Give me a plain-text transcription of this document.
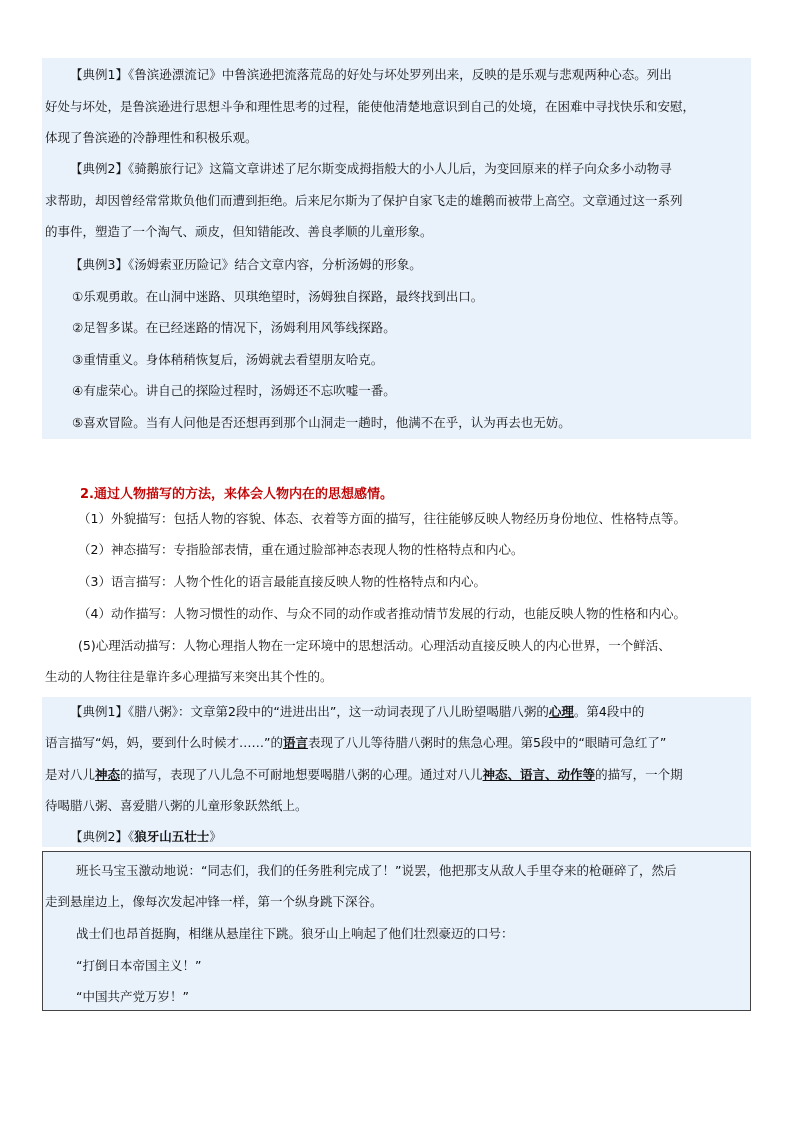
【典例1】《鲁滨逊漂流记》中鲁滨逊把流落荒岛的好处与坏处罗列出来，反映的是乐观与悲观两种心态。列出
好处与坏处，是鲁滨逊进行思想斗争和理性思考的过程，能使他清楚地意识到自己的处境，在困难中寻找快乐和安慰，
体现了鲁滨逊的冷静理性和积极乐观。
【典例2】《骑鹅旅行记》这篇文章讲述了尼尔斯变成拇指般大的小人儿后，为变回原来的样子向众多小动物寻
求帮助，却因曾经常常欺负他们而遭到拒绝。后来尼尔斯为了保护自家飞走的雄鹅而被带上高空。文章通过这一系列
的事件，塑造了一个淘气、顽皮，但知错能改、善良孝顺的儿童形象。
【典例3】《汤姆索亚历险记》结合文章内容，分析汤姆的形象。
①乐观勇敢。在山洞中迷路、贝琪绝望时，汤姆独自探路，最终找到出口。
②足智多谋。在已经迷路的情况下，汤姆利用风筝线探路。
③重情重义。身体稍稍恢复后，汤姆就去看望朋友哈克。
④有虚荣心。讲自己的探险过程时，汤姆还不忘吹嘘一番。
⑤喜欢冒险。当有人问他是否还想再到那个山洞走一趟时，他满不在乎，认为再去也无妨。
2.通过人物描写的方法，来体会人物内在的思想感情。
（1）外貌描写：包括人物的容貌、体态、衣着等方面的描写，往往能够反映人物经历身份地位、性格特点等。
（2）神态描写：专指脸部表情，重在通过脸部神态表现人物的性格特点和内心。
（3）语言描写：人物个性化的语言最能直接反映人物的性格特点和内心。
（4）动作描写：人物习惯性的动作、与众不同的动作或者推动情节发展的行动，也能反映人物的性格和内心。
(5)心理活动描写：人物心理指人物在一定环境中的思想活动。心理活动直接反映人的内心世界，一个鲜活、
生动的人物往往是靠许多心理描写来突出其个性的。
【典例1】《腊八粥》：文章第2段中的“进进出出”，这一动词表现了八儿盼望喝腊八粥的心理。第4段中的
语言描写“妈，妈，要到什么时候才……”的语言表现了八儿等待腊八粥时的焦急心理。第5段中的“眼睛可急红了”
是对八儿神态的描写，表现了八儿急不可耐地想要喝腊八粥的心理。通过对八儿神态、语言、动作等的描写，一个期
待喝腊八粥、喜爱腊八粥的儿童形象跃然纸上。
【典例2】《狼牙山五壮士》
班长马宝玉激动地说：“同志们，我们的任务胜利完成了！”说罢，他把那支从敌人手里夺来的枪砸碎了，然后
走到悬崖边上，像每次发起冲锋一样，第一个纵身跳下深谷。
战士们也昂首挺胸，相继从悬崖往下跳。狼牙山上响起了他们壮烈豪迈的口号：
“打倒日本帝国主义！”
“中国共产党万岁！”
